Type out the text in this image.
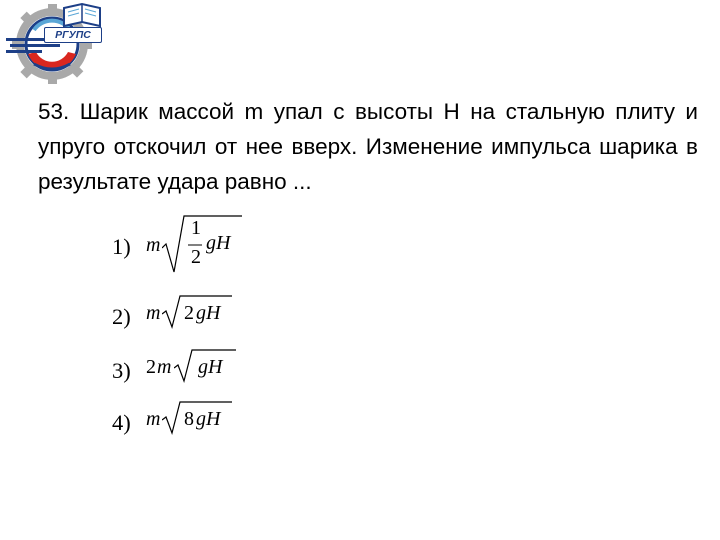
РГУПС
53. Шарик массой m упал с высоты H на стальную плиту и упруго отскочил от нее вверх. Изменение импульса шарика в результате удара равно ...
1) m
1
2
gH
2) m 2 gH
3) 2 m gH
4) m 8 gH
